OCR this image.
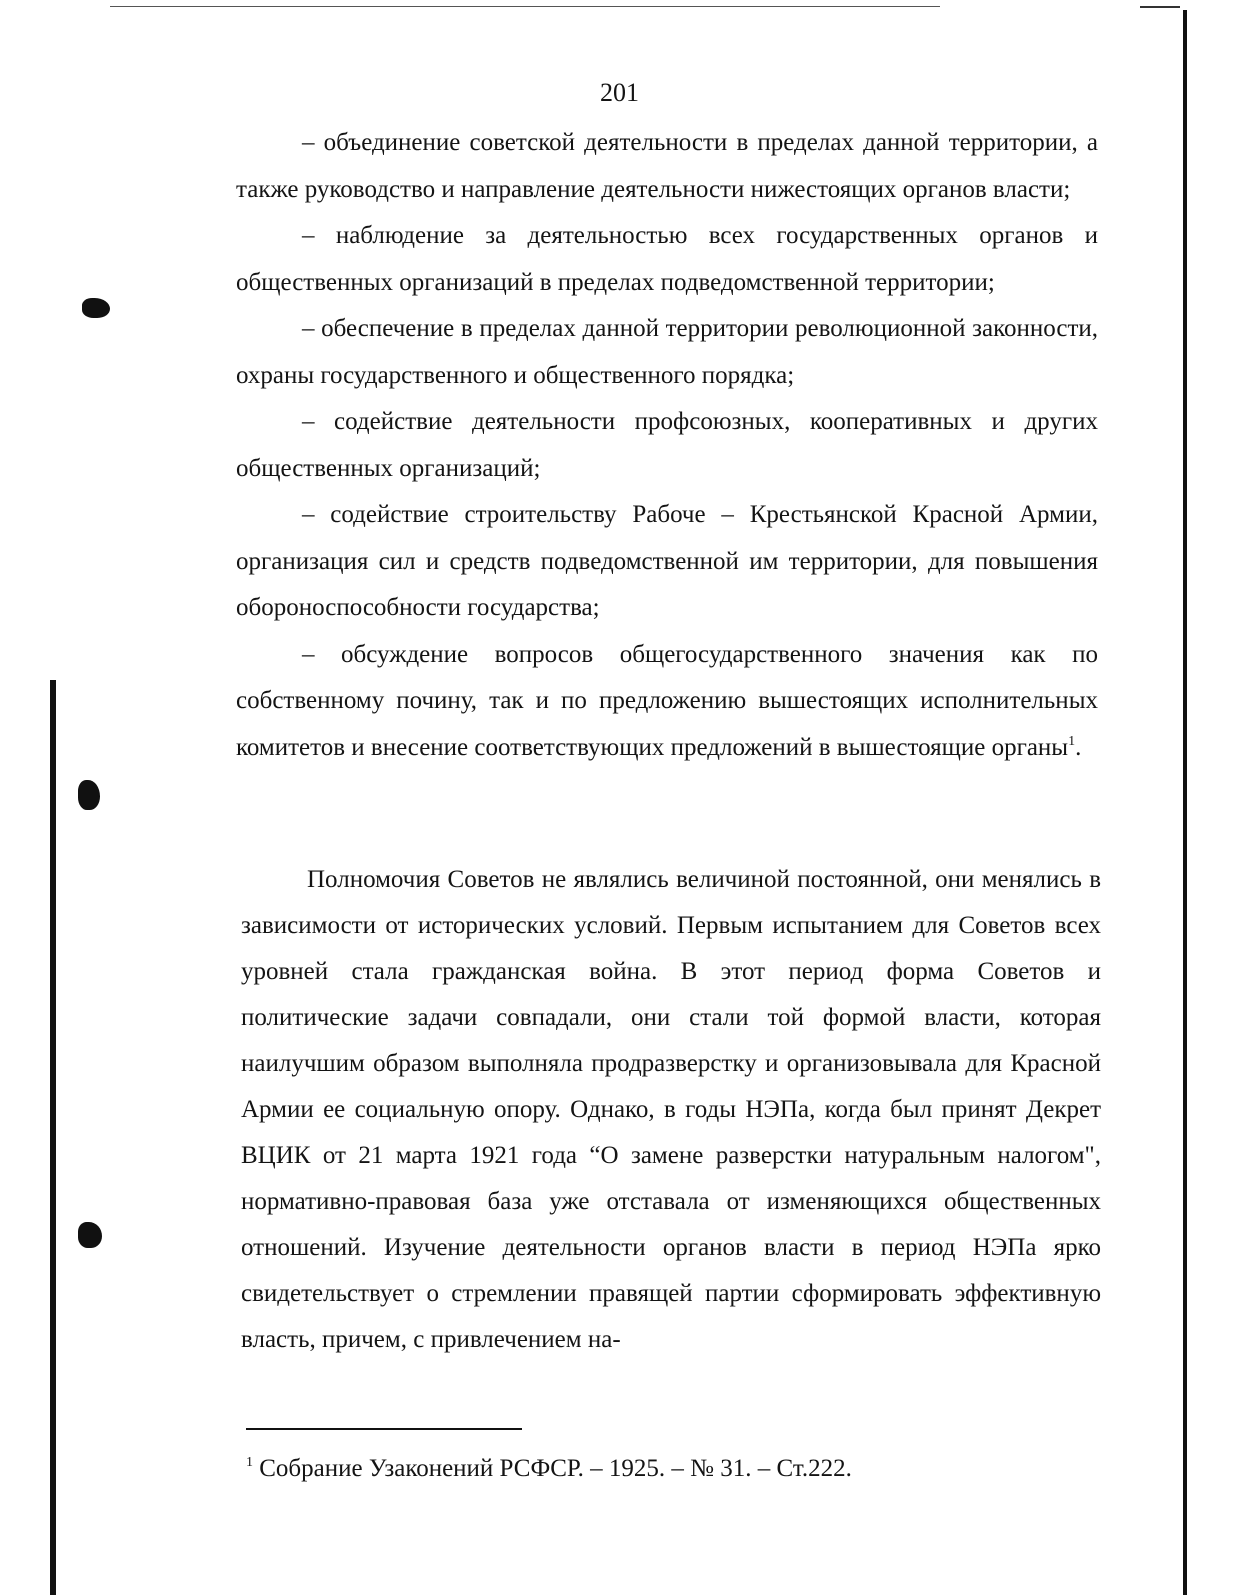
201

– объединение советской деятельности в пределах данной территории, а также руководство и направление деятельности нижестоящих органов власти;

– наблюдение за деятельностью всех государственных органов и общественных организаций в пределах подведомственной территории;

– обеспечение в пределах данной территории революционной законности, охраны государственного и общественного порядка;

– содействие деятельности профсоюзных, кооперативных и других общественных организаций;

– содействие строительству Рабоче – Крестьянской Красной Армии, организация сил и средств подведомственной им территории, для повышения обороноспособности государства;

– обсуждение вопросов общегосударственного значения как по собственному почину, так и по предложению вышестоящих исполнительных комитетов и внесение соответствующих предложений в вышестоящие органы$^1$.

Полномочия Советов не являлись величиной постоянной, они менялись в зависимости от исторических условий. Первым испытанием для Советов всех уровней стала гражданская война. В этот период форма Советов и политические задачи совпадали, они стали той формой власти, которая наилучшим образом выполняла продразверстку и организовывала для Красной Армии ее социальную опору. Однако, в годы НЭПа, когда был принят Декрет ВЦИК от 21 марта 1921 года “О замене разверстки натуральным налогом", нормативно-правовая база уже отставала от изменяющихся общественных отношений. Изучение деятельности органов власти в период НЭПа ярко свидетельствует о стремлении правящей партии сформировать эффективную власть, причем, с привлечением на-

$^1$ Собрание Узаконений РСФСР. – 1925. – № 31. – Ст.222.
